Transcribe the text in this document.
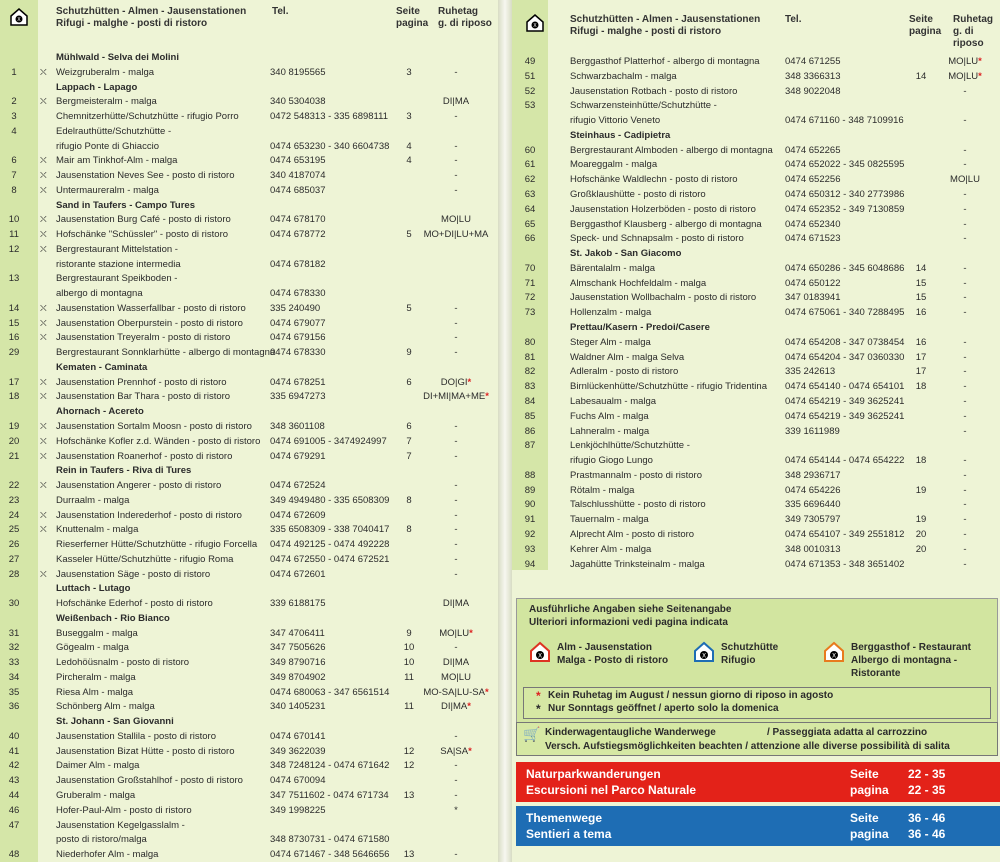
X
Schutzhütten - Almen - Jausenstationen
Rifugi - malghe - posti di ristoro
Tel.	Seite
pagina
Ruhetag
g. di riposo
Mühlwald - Selva dei Molini
1	⛌ Weizgruberalm - malga	340 8195565	3	-
Lappach - Lapago
2	⛌ Bergmeisteralm - malga	340 5304038	DI|MA
3	Chemnitzerhütte/Schutzhütte - rifugio Porro	0472 548313 - 335 6898111	3	-
4	Edelrauthütte/Schutzhütte -
rifugio Ponte di Ghiaccio	0474 653230 - 340 6604738	4	-
6	⛌ Mair am Tinkhof-Alm - malga	0474 653195	4	-
7	⛌ Jausenstation Neves See - posto di ristoro	340 4187074	-
8	⛌ Untermaureralm - malga	0474 685037	-
Sand in Taufers - Campo Tures
10	⛌ Jausenstation Burg Café - posto di ristoro	0474 678170	MO|LU
11	⛌ Hofschänke "Schüssler" - posto di ristoro	0474 678772	5	MO+DI|LU+MA
12	⛌ Bergrestaurant Mittelstation -
ristorante stazione intermedia	0474 678182
13	Bergrestaurant Speikboden -
albergo di montagna	0474 678330
14	⛌ Jausenstation Wasserfallbar - posto di ristoro	335 240490	5	-
15	⛌ Jausenstation Oberpurstein - posto di ristoro	0474 679077	-
16	⛌ Jausenstation Treyeralm - posto di ristoro	0474 679156	-
29	Bergrestaurant Sonnklarhütte - albergo di montagna
0474 678330	9	-
Kematen - Caminata
17	⛌ Jausenstation Prennhof - posto di ristoro	0474 678251	6	DO|GI*
18	⛌ Jausenstation Bar Thara - posto di ristoro	335 6947273	DI+MI|MA+ME*
Ahornach - Acereto
19	⛌ Jausenstation Sortalm Moosn - posto di ristoro 348 3601108	6	-
20	⛌ Hofschänke Kofler z.d. Wänden - posto di ristoro 0474 691005 - 3474924997	7	-
21	⛌ Jausenstation Roanerhof - posto di ristoro	0474 679291	7	-
Rein in Taufers - Riva di Tures
22	⛌ Jausenstation Angerer - posto di ristoro	0474 672524	-
23	Durraalm - malga	349 4949480 - 335 6508309	8	-
24	⛌ Jausenstation Inderederhof - posto di ristoro	0474 672609	-
25	⛌ Knuttenalm - malga	335 6508309 - 338 7040417	8	-
26	Rieserferner Hütte/Schutzhütte - rifugio Forcella 0474 492125 - 0474 492228	-
27	Kasseler Hütte/Schutzhütte - rifugio Roma	0474 672550 - 0474 672521	-
28	⛌ Jausenstation Säge - posto di ristoro	0474 672601	-
Luttach - Lutago
30	Hofschänke Ederhof - posto di ristoro	339 6188175	DI|MA
Weißenbach - Rio Bianco
31	Buseggalm - malga	347 4706411	9	MO|LU*
32	Gögealm - malga	347 7505626	10	-
33	Ledohöüsnalm - posto di ristoro	349 8790716	10	DI|MA
34	Pircheralm - malga	349 8704902	11	MO|LU
35	Riesa Alm - malga	0474 680063 - 347 6561514	MO-SA|LU-SA*
36	Schönberg Alm - malga	340 1405231	11	DI|MA*
St. Johann - San Giovanni
40	Jausenstation Stallila - posto di ristoro	0474 670141	-
41	Jausenstation Bizat Hütte - posto di ristoro	349 3622039	12	SA|SA*
42	Daimer Alm - malga	348 7248124 - 0474 671642	12	-
43	Jausenstation Großstahlhof - posto di ristoro	0474 670094	-
44	Gruberalm - malga	347 7511602 - 0474 671734	13	-
46	Hofer-Paul-Alm - posto di ristoro	349 1998225	*
47	Jausenstation Kegelgasslalm -
posto di ristoro/malga	348 8730731 - 0474 671580
48	Niederhofer Alm - malga	0474 671467 - 348 5646656	13	-
X
Schutzhütten - Almen - Jausenstationen
Rifugi - malghe - posti di ristoro
Tel.	Seite
pagina
Ruhetag
g. di riposo
49	Berggasthof Platterhof - albergo di montagna	0474 671255	MO|LU*
51	Schwarzbachalm - malga	348 3366313	14	MO|LU*
52	Jausenstation Rotbach - posto di ristoro	348 9022048	-
53	Schwarzensteinhütte/Schutzhütte -
rifugio Vittorio Veneto	0474 671160 - 348 7109916	-
Steinhaus - Cadipietra
60	Bergrestaurant Almboden - albergo di montagna 0474 652265	-
61	Moareggalm - malga	0474 652022 - 345 0825595	-
62	Hofschänke Waldlechn - posto di ristoro	0474 652256	MO|LU
63	Großklaushütte - posto di ristoro	0474 650312 - 340 2773986	-
64	Jausenstation Holzerböden - posto di ristoro	0474 652352 - 349 7130859	-
65	Berggasthof Klausberg - albergo di montagna 0474 652340	-
66	Speck- und Schnapsalm - posto di ristoro	0474 671523	-
St. Jakob - San Giacomo
70	Bärentalalm - malga	0474 650286 - 345 6048686	14	-
71	Almschank Hochfeldalm - malga	0474 650122	15	-
72	Jausenstation Wollbachalm - posto di ristoro	347 0183941	15	-
73	Hollenzalm - malga	0474 675061 - 340 7288495	16	-
Prettau/Kasern - Predoi/Casere
80	Steger Alm - malga	0474 654208 - 347 0738454	16	-
81	Waldner Alm - malga Selva	0474 654204 - 347 0360330	17	-
82	Adleralm - posto di ristoro	335 242613	17	-
83	Birnlückenhütte/Schutzhütte - rifugio Tridentina 0474 654140 - 0474 654101	18	-
84	Labesaualm - malga	0474 654219 - 349 3625241	-
85	Fuchs Alm - malga	0474 654219 - 349 3625241	-
86	Lahneralm - malga	339 1611989	-
87	Lenkjöchlhütte/Schutzhütte -
rifugio Giogo Lungo	0474 654144 - 0474 654222	18	-
88	Prastmannalm - posto di ristoro	348 2936717	-
89	Rötalm - malga	0474 654226	19	-
90	Talschlusshütte - posto di ristoro	335 6696440	-
91	Tauernalm - malga	349 7305797	19	-
92	Alprecht Alm - posto di ristoro	0474 654107 - 349 2551812	20	-
93	Kehrer Alm - malga	348 0010313	20	-
94	Jagahütte Trinksteinalm - malga	0474 671353 - 348 3651402	-
Ausführliche Angaben siehe Seitenangabe
Ulteriori informazioni vedi pagina indicata
X
Alm - Jausenstation
Malga - Posto di ristoro	X
Schutzhütte
Rifugio	X
Berggasthof - Restaurant
Albergo di montagna -
Ristorante
* Kein Ruhetag im August / nessun giorno di riposo in agosto
* Nur Sonntags geöffnet / aperto solo la domenica
🛒 Kinderwagentaugliche Wanderwege	/ Passeggiata adatta al carrozzino
Versch. Aufstiegsmöglichkeiten beachten / attenzione alle diverse possibilità di salita
Naturparkwanderungen
Escursioni nel Parco Naturale
Seite
pagina
22 - 35
22 - 35
Themenwege
Sentieri a tema
Seite
pagina
36 - 46
36 - 46
